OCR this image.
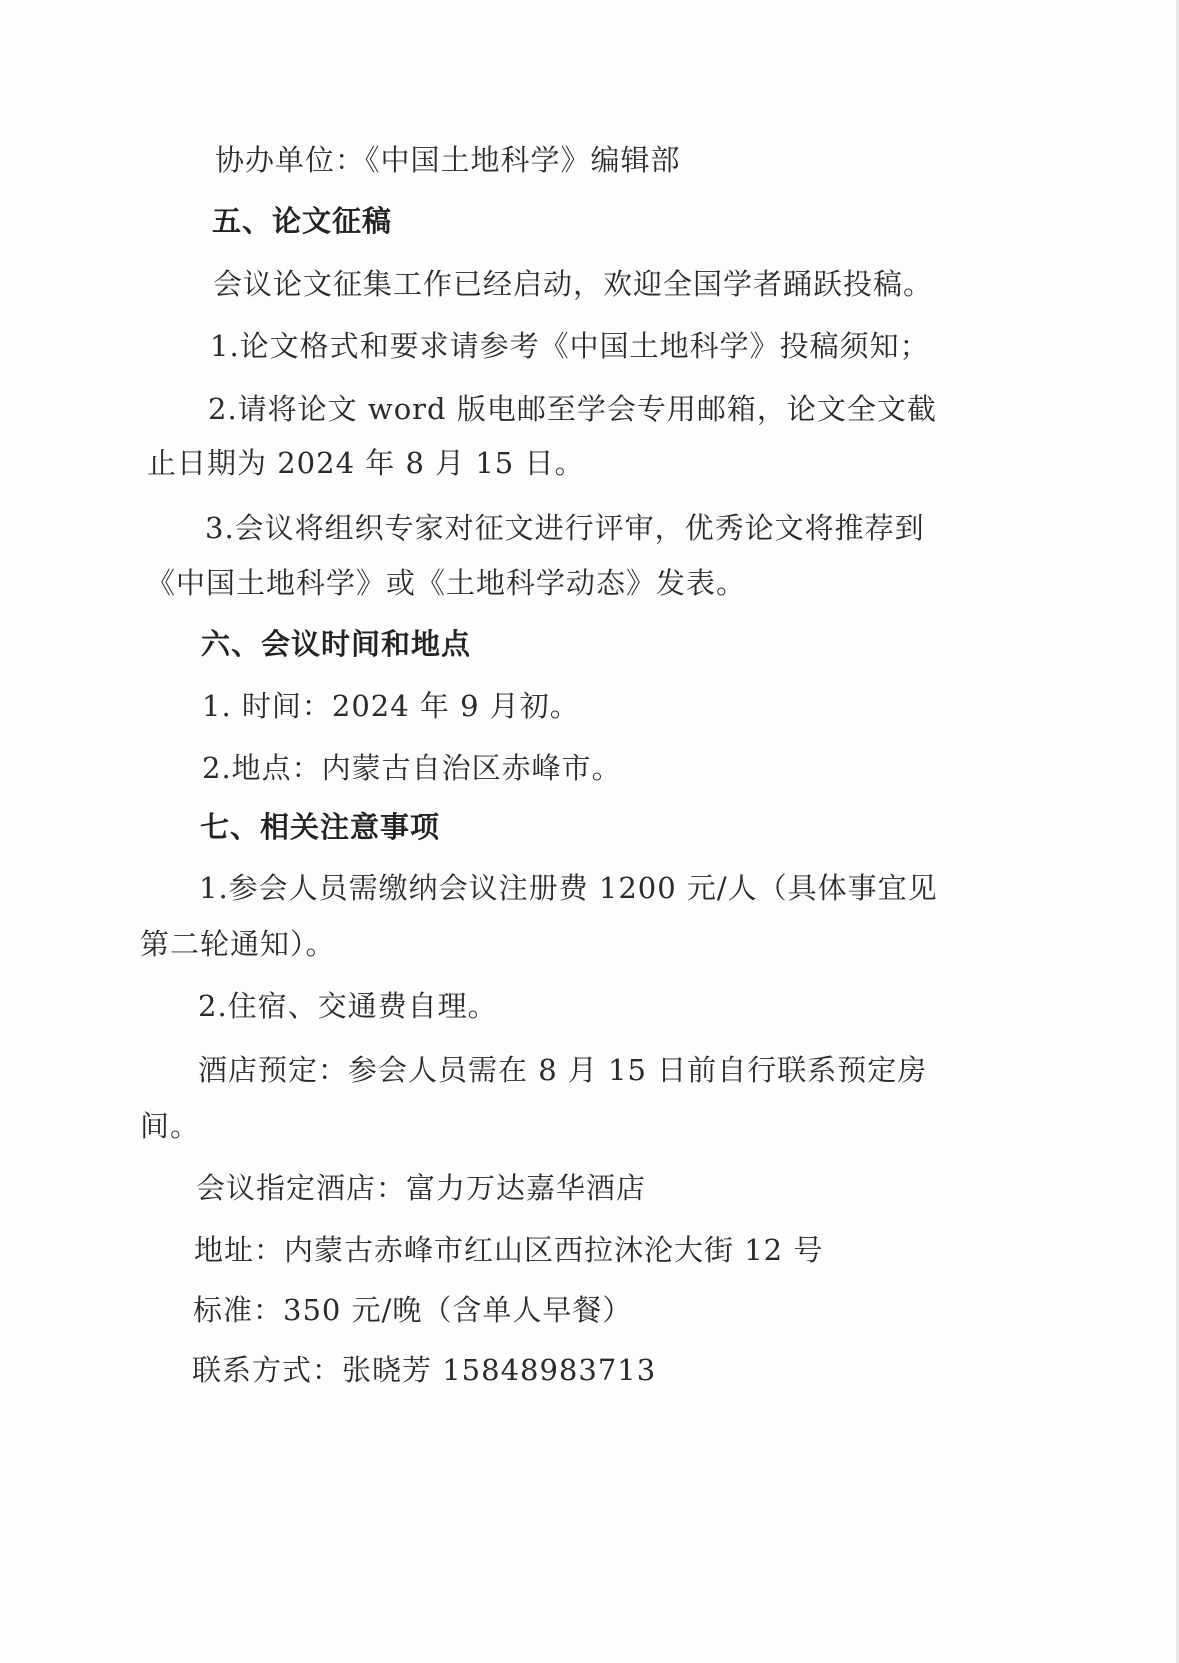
协办单位：《中国土地科学》编辑部
五、论文征稿
会议论文征集工作已经启动，欢迎全国学者踊跃投稿。
1.论文格式和要求请参考《中国土地科学》投稿须知；
2.请将论文 word 版电邮至学会专用邮箱，论文全文截
止日期为 2024 年 8 月 15 日。
3.会议将组织专家对征文进行评审，优秀论文将推荐到
《中国土地科学》或《土地科学动态》发表。
六、会议时间和地点
1. 时间：2024 年 9 月初。
2.地点：内蒙古自治区赤峰市。
七、相关注意事项
1.参会人员需缴纳会议注册费 1200 元/人（具体事宜见
第二轮通知）。
2.住宿、交通费自理。
酒店预定：参会人员需在 8 月 15 日前自行联系预定房
间。
会议指定酒店：富力万达嘉华酒店
地址：内蒙古赤峰市红山区西拉沐沦大街 12 号
标准：350 元/晚（含单人早餐）
联系方式：张晓芳 15848983713
